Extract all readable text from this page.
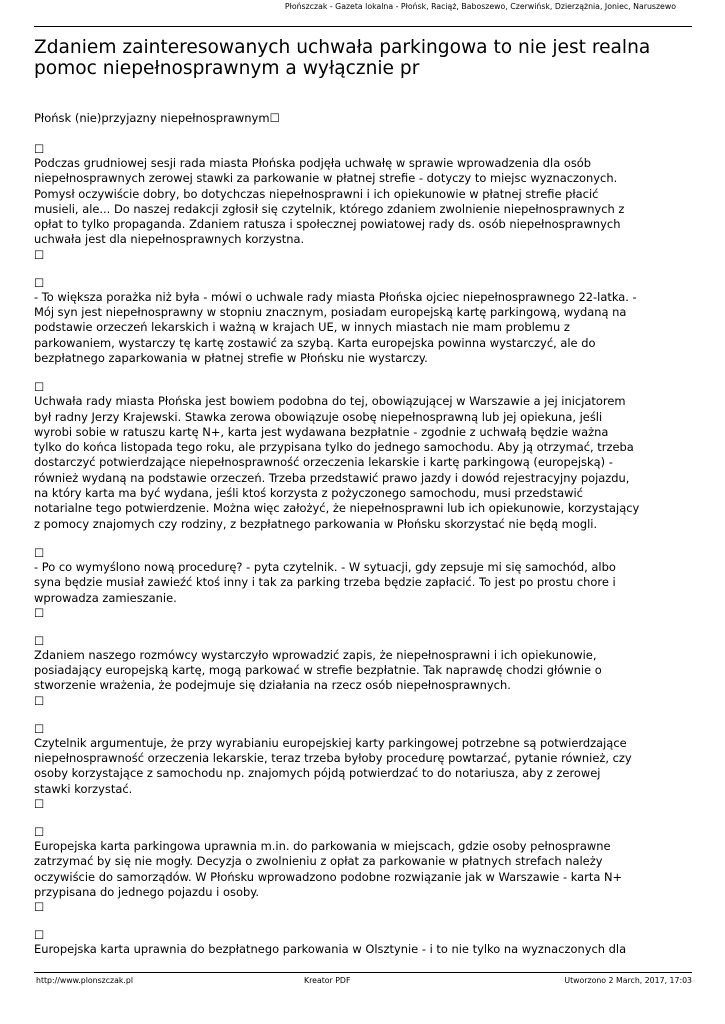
Płońszczak - Gazeta lokalna - Płońsk, Raciąż, Baboszewo, Czerwińsk, Dzierzążnia, Joniec, Naruszewo
Zdaniem zainteresowanych uchwała parkingowa to nie jest realna pomoc niepełnosprawnym a wyłącznie pr

Płońsk (nie)przyjazny niepełnosprawnym☐

☐
Podczas grudniowej sesji rada miasta Płońska podjęła uchwałę w sprawie wprowadzenia dla osób
niepełnosprawnych zerowej stawki za parkowanie w płatnej strefie - dotyczy to miejsc wyznaczonych.
Pomysł oczywiście dobry, bo dotychczas niepełnosprawni i ich opiekunowie w płatnej strefie płacić
musieli, ale... Do naszej redakcji zgłosił się czytelnik, którego zdaniem zwolnienie niepełnosprawnych z
opłat to tylko propaganda. Zdaniem ratusza i społecznej powiatowej rady ds. osób niepełnosprawnych
uchwała jest dla niepełnosprawnych korzystna.
☐
☐
- To większa porażka niż była - mówi o uchwale rady miasta Płońska ojciec niepełnosprawnego 22-latka. -
Mój syn jest niepełnosprawny w stopniu znacznym, posiadam europejską kartę parkingową, wydaną na
podstawie orzeczeń lekarskich i ważną w krajach UE, w innych miastach nie mam problemu z
parkowaniem, wystarczy tę kartę zostawić za szybą. Karta europejska powinna wystarczyć, ale do
bezpłatnego zaparkowania w płatnej strefie w Płońsku nie wystarczy.
☐
Uchwała rady miasta Płońska jest bowiem podobna do tej, obowiązującej w Warszawie a jej inicjatorem
był radny Jerzy Krajewski. Stawka zerowa obowiązuje osobę niepełnosprawną lub jej opiekuna, jeśli
wyrobi sobie w ratuszu kartę N+, karta jest wydawana bezpłatnie - zgodnie z uchwałą będzie ważna
tylko do końca listopada tego roku, ale przypisana tylko do jednego samochodu. Aby ją otrzymać, trzeba
dostarczyć potwierdzające niepełnosprawność orzeczenia lekarskie i kartę parkingową (europejską) -
również wydaną na podstawie orzeczeń. Trzeba przedstawić prawo jazdy i dowód rejestracyjny pojazdu,
na który karta ma być wydana, jeśli ktoś korzysta z pożyczonego samochodu, musi przedstawić
notarialne tego potwierdzenie. Można więc założyć, że niepełnosprawni lub ich opiekunowie, korzystający
z pomocy znajomych czy rodziny, z bezpłatnego parkowania w Płońsku skorzystać nie będą mogli.
☐
- Po co wymyślono nową procedurę? - pyta czytelnik. - W sytuacji, gdy zepsuje mi się samochód, albo
syna będzie musiał zawieźć ktoś inny i tak za parking trzeba będzie zapłacić. To jest po prostu chore i
wprowadza zamieszanie.
☐
☐
Zdaniem naszego rozmówcy wystarczyło wprowadzić zapis, że niepełnosprawni i ich opiekunowie,
posiadający europejską kartę, mogą parkować w strefie bezpłatnie. Tak naprawdę chodzi głównie o
stworzenie wrażenia, że podejmuje się działania na rzecz osób niepełnosprawnych.
☐
☐
Czytelnik argumentuje, że przy wyrabianiu europejskiej karty parkingowej potrzebne są potwierdzające
niepełnosprawność orzeczenia lekarskie, teraz trzeba byłoby procedurę powtarzać, pytanie również, czy
osoby korzystające z samochodu np. znajomych pójdą potwierdzać to do notariusza, aby z zerowej
stawki korzystać.
☐
☐
Europejska karta parkingowa uprawnia m.in. do parkowania w miejscach, gdzie osoby pełnosprawne
zatrzymać by się nie mogły. Decyzja o zwolnieniu z opłat za parkowanie w płatnych strefach należy
oczywiście do samorządów. W Płońsku wprowadzono podobne rozwiązanie jak w Warszawie - karta N+
przypisana do jednego pojazdu i osoby.
☐
☐
Europejska karta uprawnia do bezpłatnego parkowania w Olsztynie - i to nie tylko na wyznaczonych dla
http://www.plonszczak.pl	Kreator PDF	Utworzono 2 March, 2017, 17:03
